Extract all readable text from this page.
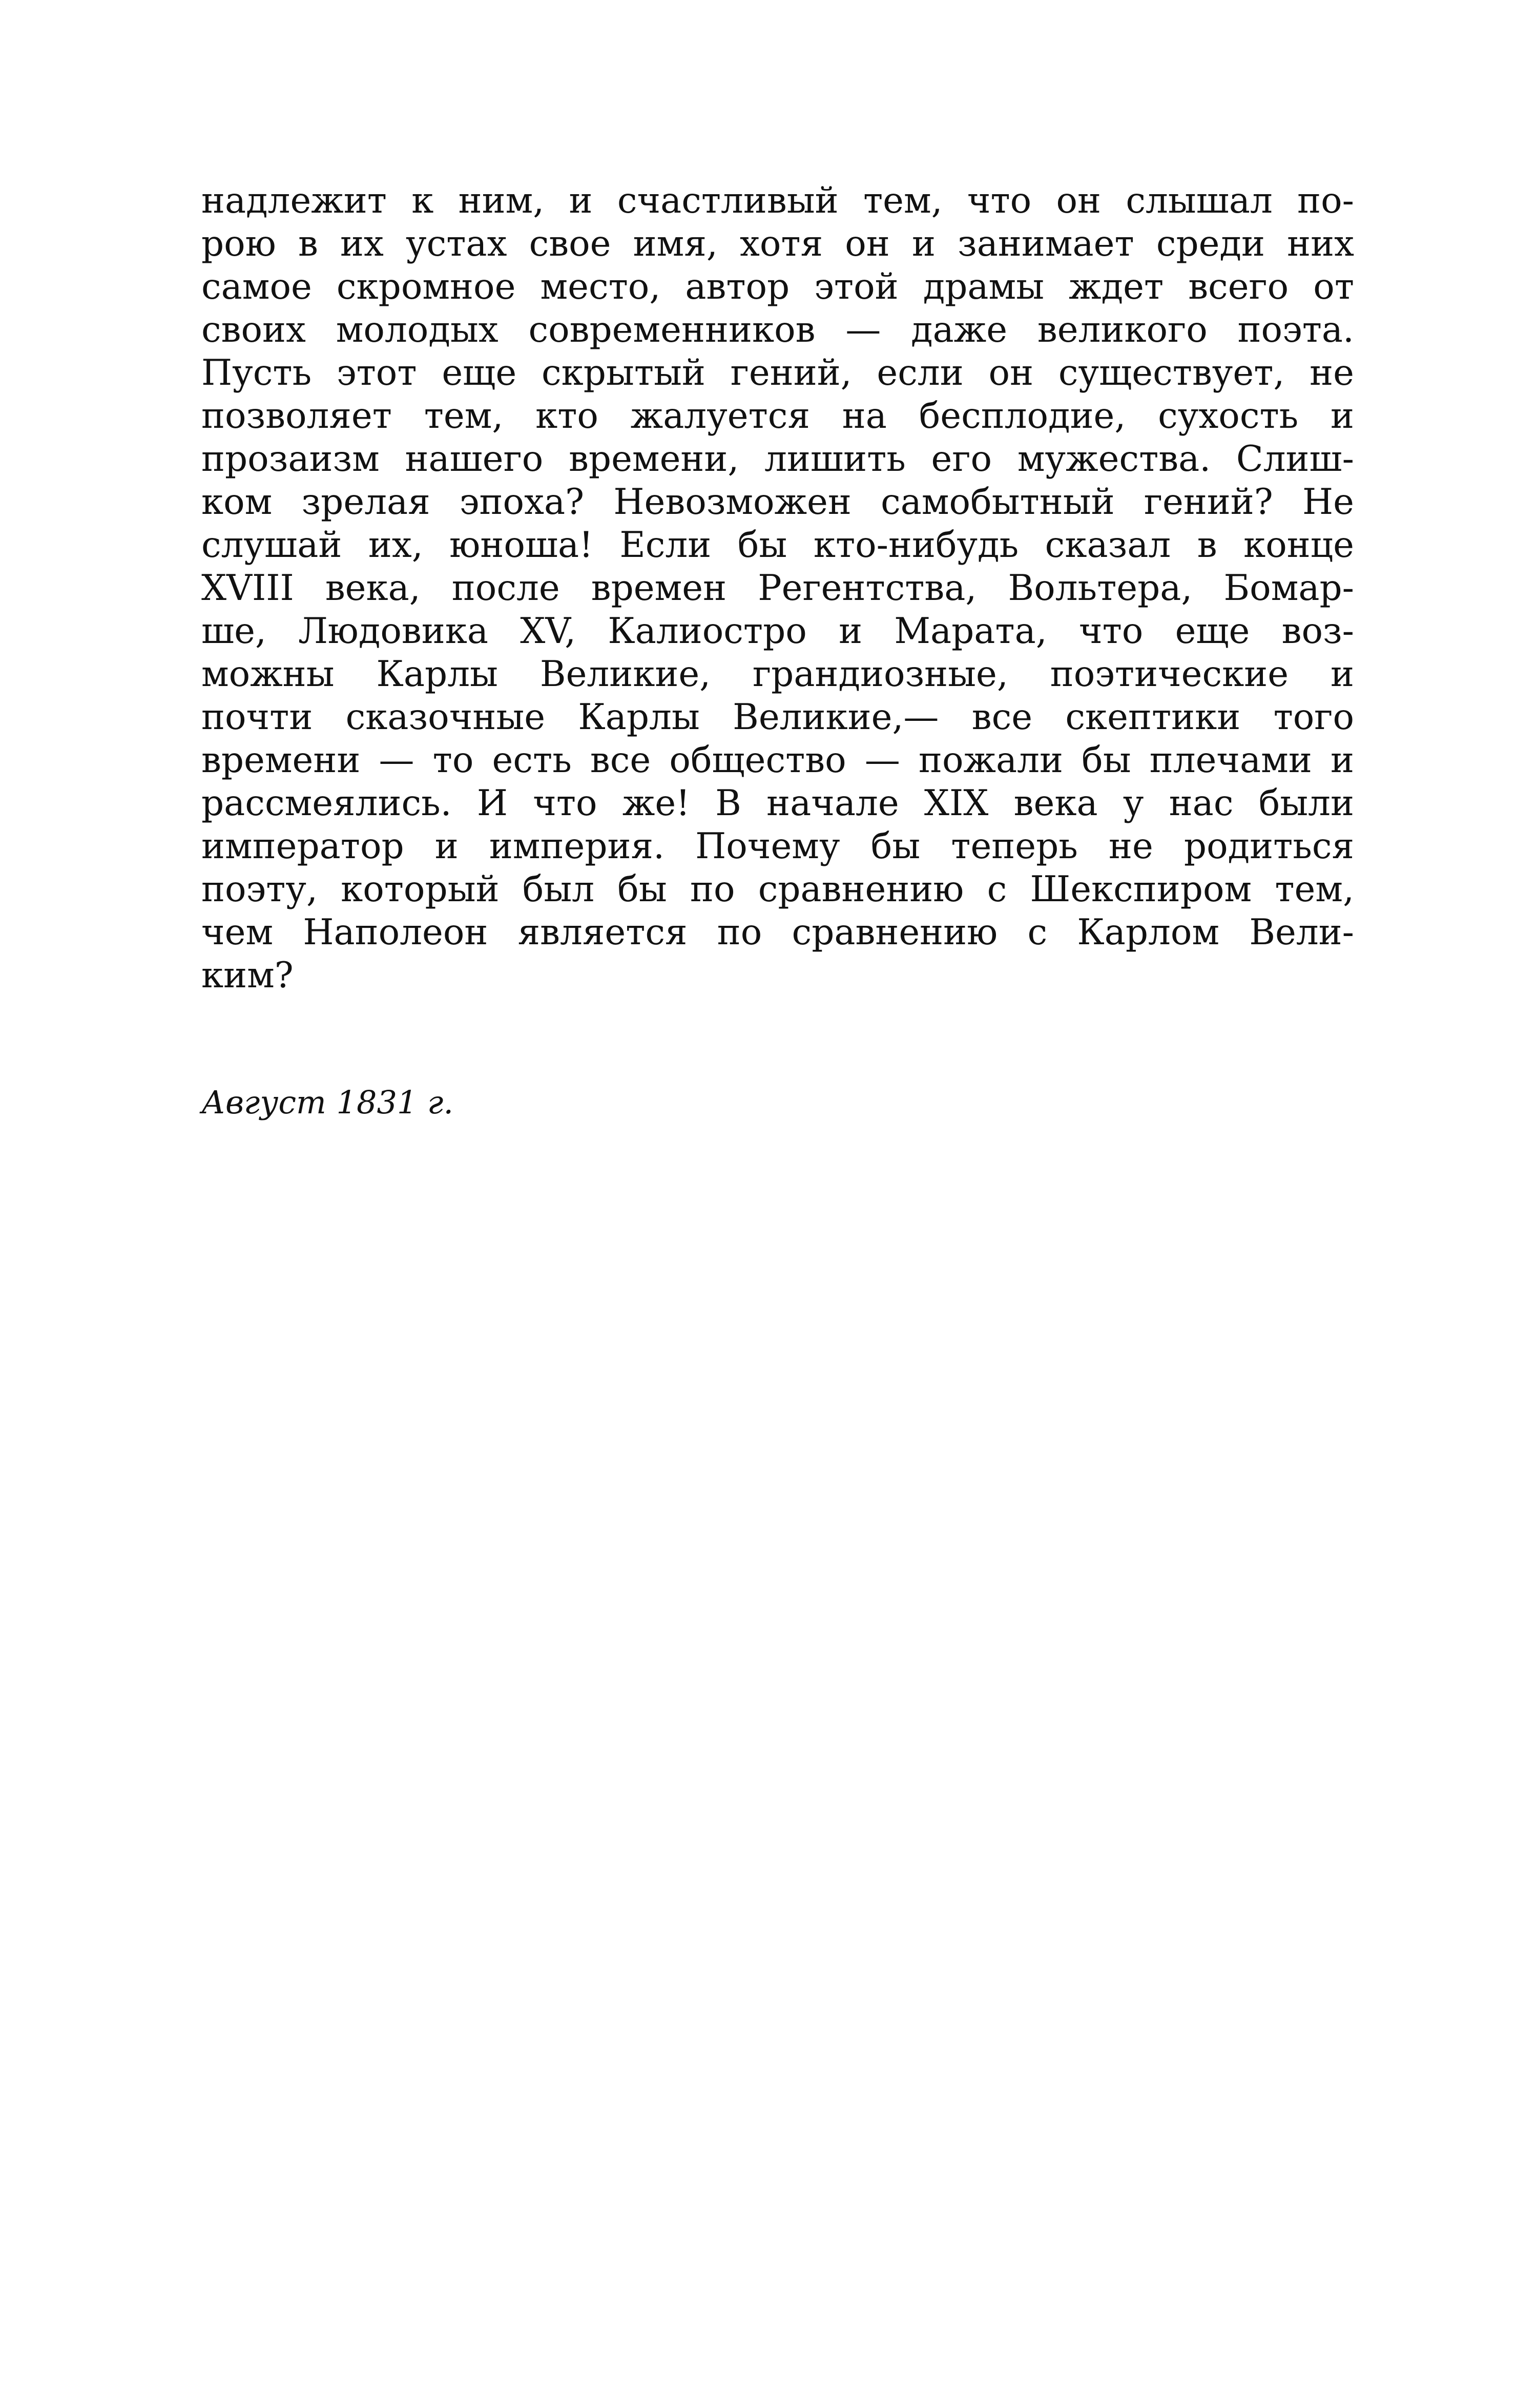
надлежит к ним, и счастливый тем, что он слышал по-
рою в их устах свое имя, хотя он и занимает среди них
самое скромное место, автор этой драмы ждет всего от
своих молодых современников — даже великого поэта.
Пусть этот еще скрытый гений, если он существует, не
позволяет тем, кто жалуется на бесплодие, сухость и
прозаизм нашего времени, лишить его мужества. Слиш-
ком зрелая эпоха? Невозможен самобытный гений? Не
слушай их, юноша! Если бы кто-нибудь сказал в конце
XVIII века, после времен Регентства, Вольтера, Бомар-
ше, Людовика XV, Калиостро и Марата, что еще воз-
можны Карлы Великие, грандиозные, поэтические и
почти сказочные Карлы Великие,— все скептики того
времени — то есть все общество — пожали бы плечами и
рассмеялись. И что же! В начале XIX века у нас были
император и империя. Почему бы теперь не родиться
поэту, который был бы по сравнению с Шекспиром тем,
чем Наполеон является по сравнению с Карлом Вели-
ким?
Август 1831 г.
